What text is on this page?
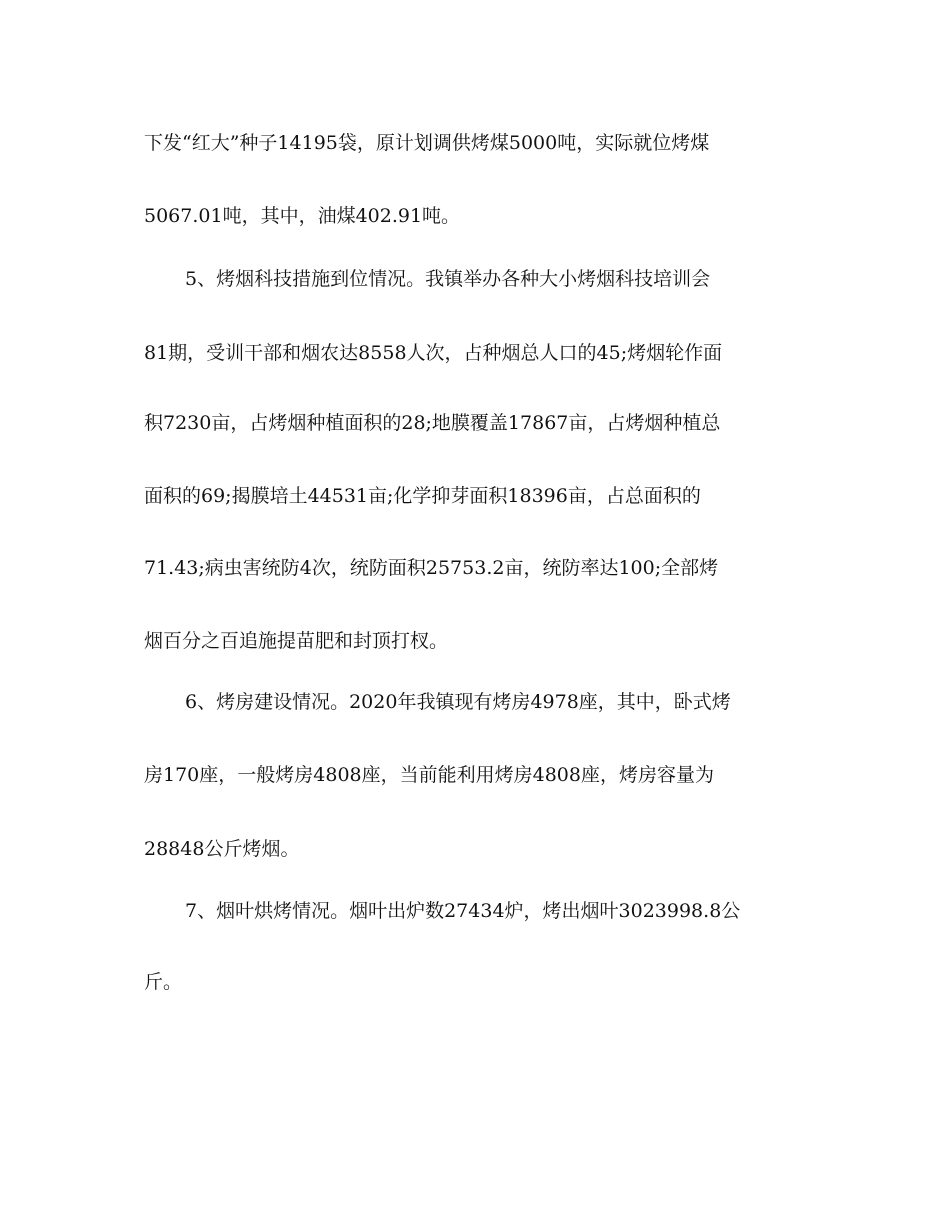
下发“红大”种子14195袋，原计划调供烤煤5000吨，实际就位烤煤
5067.01吨，其中，油煤402.91吨。
5、烤烟科技措施到位情况。我镇举办各种大小烤烟科技培训会
81期，受训干部和烟农达8558人次，占种烟总人口的45;烤烟轮作面
积7230亩，占烤烟种植面积的28;地膜覆盖17867亩，占烤烟种植总
面积的69;揭膜培土44531亩;化学抑芽面积18396亩，占总面积的
71.43;病虫害统防4次，统防面积25753.2亩，统防率达100;全部烤
烟百分之百追施提苗肥和封顶打杈。
6、烤房建设情况。2020年我镇现有烤房4978座，其中，卧式烤
房170座，一般烤房4808座，当前能利用烤房4808座，烤房容量为
28848公斤烤烟。
7、烟叶烘烤情况。烟叶出炉数27434炉，烤出烟叶3023998.8公
斤。
